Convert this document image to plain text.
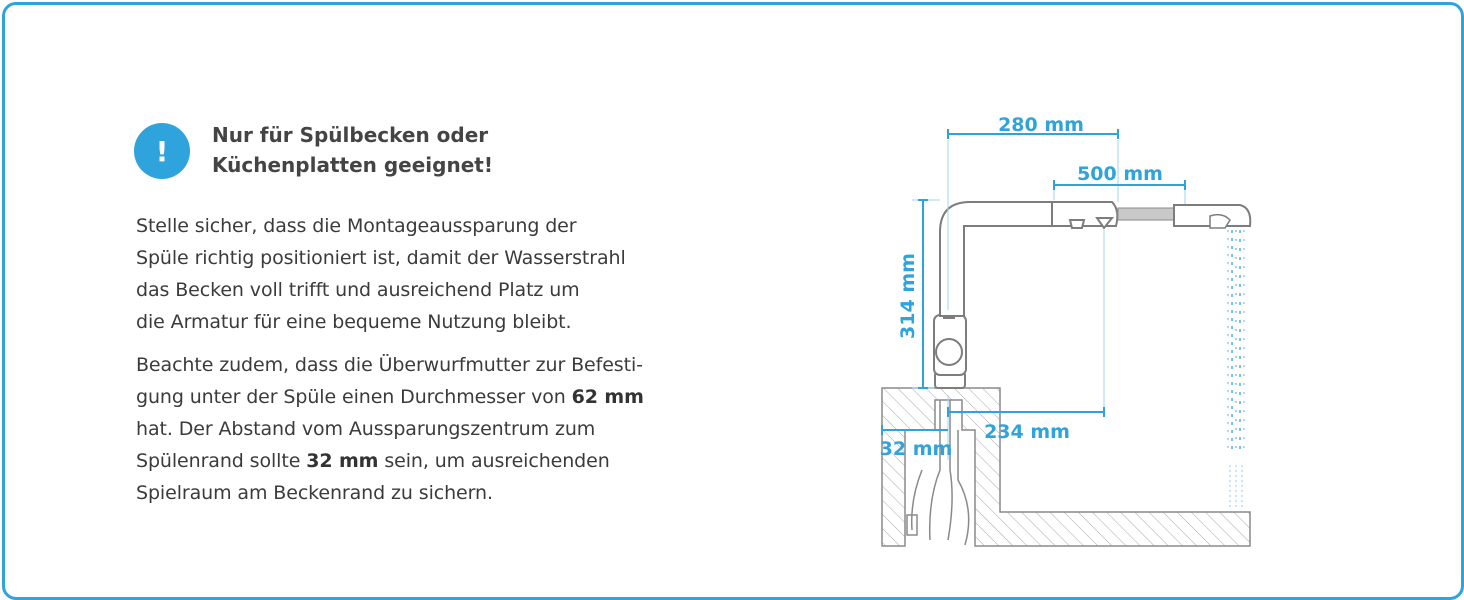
! Nur für Spülbecken oder
Küchenplatten geeignet!
Stelle sicher, dass die Montageaussparung der
Spüle richtig positioniert ist, damit der Wasserstrahl
das Becken voll trifft und ausreichend Platz um
die Armatur für eine bequeme Nutzung bleibt.
Beachte zudem, dass die Überwurfmutter zur Befesti-
gung unter der Spüle einen Durchmesser von 62 mm
hat. Der Abstand vom Aussparungszentrum zum
Spülenrand sollte 32 mm sein, um ausreichenden
Spielraum am Beckenrand zu sichern.
280 mm
500 mm
314 mm
234 mm
32 mm
